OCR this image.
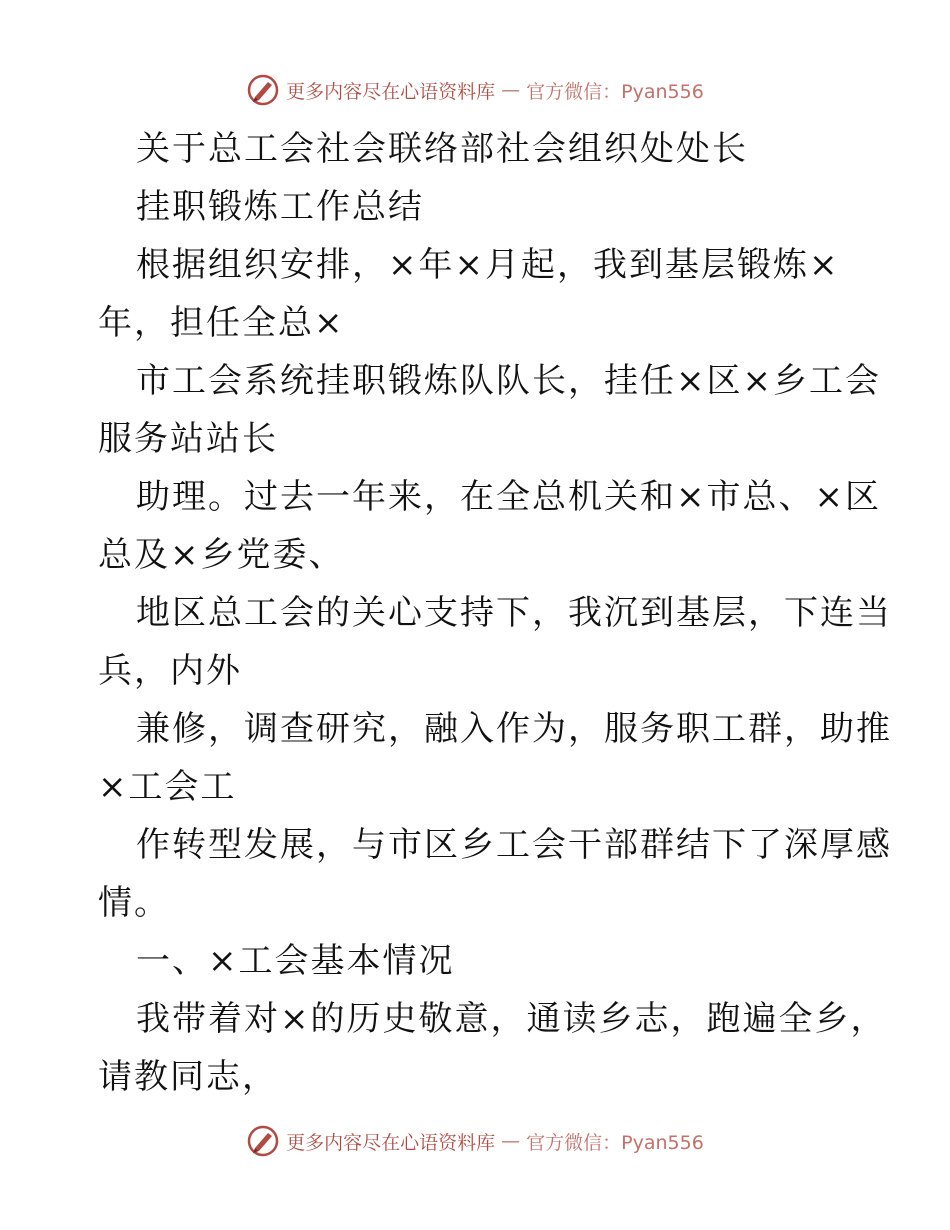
更多内容尽在心语资料库 — 官方微信：Pyan556

关于总工会社会联络部社会组织处处长

挂职锻炼工作总结

根据组织安排，×年×月起，我到基层锻炼×

年，担任全总×

市工会系统挂职锻炼队队长，挂任×区×乡工会

服务站站长

助理。过去一年来，在全总机关和×市总、×区

总及×乡党委、

地区总工会的关心支持下，我沉到基层，下连当

兵，内外

兼修，调查研究，融入作为，服务职工群，助推

×工会工

作转型发展，与市区乡工会干部群结下了深厚感

情。

一、×工会基本情况

我带着对×的历史敬意，通读乡志，跑遍全乡，

请教同志，

更多内容尽在心语资料库 — 官方微信：Pyan556
